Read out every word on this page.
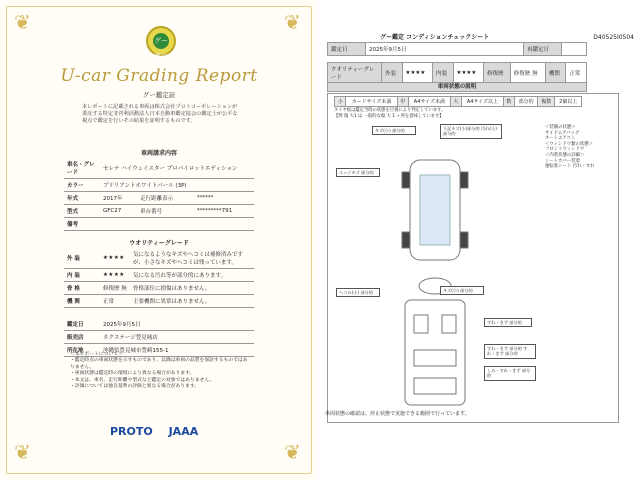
❦	❦
❦	❦
グー鑑定
U-car Grading Report
グー鑑定証
本レポートに記載される車両は株式会社プロトコーポレーションが委託する特定非営利活動法人日本自動車鑑定協会の鑑定士が公平な視点で鑑定を行いその結果を証明するものです。
車両請求内容
車名・グレード	セレナ ハイウェイスター プロパイロットエディション		
カラー	ブリリアントホワイトパール (3P)		
年式	2017年	走行距離表示	******
型式	GFC27	車台番号	*********791
備考			
ウオリティーグレード
外 装	★★★★	気になるようなキズやヘコミは補修済みですが、小さなキズやヘコミは残っています。
内 装	★★★★	気になる汚れ等が部分的にあります。
骨 格	修復歴 無	骨格部位に損傷はありません。
機 関	正常	主要機関に異常はありません。
鑑定日	2025年9月5日
販売店	ネクステージ豊見城店
所在地	沖縄県豊見城市豊崎155-1
＜本レポートについて＞
・鑑定時点の車両状態を示すものであり、以降は車両の品質を保証するものではありません。
・車両状態は鑑定時の環境により異なる場合があります。
・本文は、車名、走行距離や型式など鑑定の対象ではありません。
・評価については独自基準の評価と異なる場合があります。
PROTO JAAA
グー鑑定 コンディションチェックシート	D40525I0504
鑑定日	2025年9月5日	再鑑定日	
クオリティーグレード	外装	★★★★	内装	★★★★	修復歴	修復歴 無	機関	正常
車両状態の説明
小	カードサイズ未満	中	A4サイズ未満	大	A4サイズ以上	数	部分的	複数	2個以上
タイヤ痕は鑑定当時の状態を目視により判定しています。
【例 傷 大1 は 一般的な傷 大 1 ヶ所を意味しています】
キズ(小) 部分的	下記キズ(小)部分的 汚れ(小) 部分的
エッジキズ 部分的
ヘコみ(小) 部分的	キズ(小) 部分的
すれ・きず 部分的
すれ・きず 部分的 すれ・きず 部分的
しみ・すれ・きず 部分的
＜装備の状態＞
サイドエアバッグ
オートエアコン
＜ウィンドウ類の状態＞
フロントウィンドウ
＜内装状態の詳細＞
シートカバー装着
運転席シート 汚れ・すれ
車両状態の確認は、停止状態で実施できる範囲で行っています。
